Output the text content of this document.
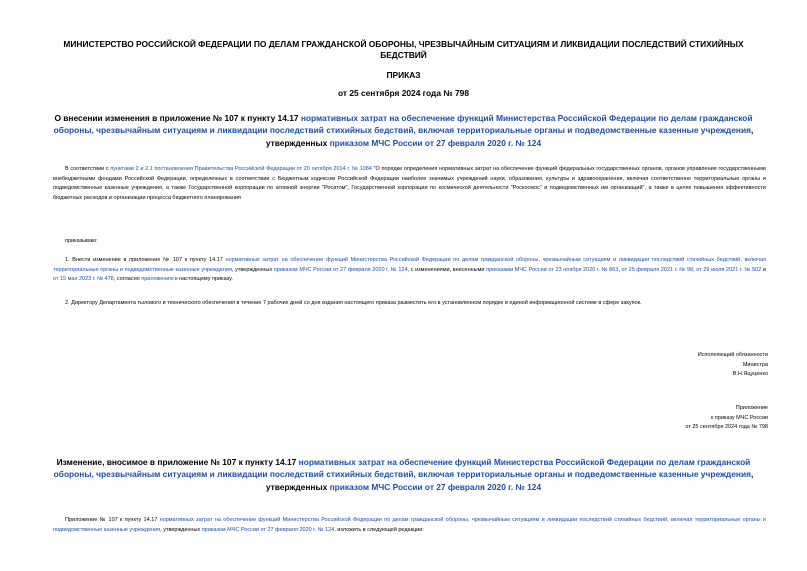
МИНИСТЕРСТВО РОССИЙСКОЙ ФЕДЕРАЦИИ ПО ДЕЛАМ ГРАЖДАНСКОЙ ОБОРОНЫ, ЧРЕЗВЫЧАЙНЫМ СИТУАЦИЯМ И ЛИКВИДАЦИИ ПОСЛЕДСТВИЙ СТИХИЙНЫХ БЕДСТВИЙ
ПРИКАЗ
от 25 сентября 2024 года № 798
О внесении изменения в приложение № 107 к пункту 14.17 нормативных затрат на обеспечение функций Министерства Российской Федерации по делам гражданской обороны, чрезвычайным ситуациям и ликвидации последствий стихийных бедствий, включая территориальные органы и подведомственные казенные учреждения, утвержденных приказом МЧС России от 27 февраля 2020 г. № 124
В соответствии с пунктами 2 и 2.1 постановления Правительства Российской Федерации от 20 октября 2014 г. № 1084 "О порядке определения нормативных затрат на обеспечение функций федеральных государственных органов, органов управления государственными внебюджетными фондами Российской Федерации, определенных в соответствии с Бюджетным кодексом Российской Федерации наиболее значимых учреждений науки, образования, культуры и здравоохранения, включая соответственно территориальные органы и подведомственные казенные учреждения, а также Государственной корпорации по атомной энергии "Росатом", Государственной корпорации по космической деятельности "Роскосмос" и подведомственных им организаций", а также в целях повышения эффективности бюджетных расходов и организации процесса бюджетного планирования
приказываю:
1. Внести изменение в приложение № 107 к пункту 14.17 нормативных затрат на обеспечение функций Министерства Российской Федерации по делам гражданской обороны, чрезвычайным ситуациям и ликвидации последствий стихийных бедствий, включая территориальные органы и подведомственные казенные учреждения, утвержденных приказом МЧС России от 27 февраля 2020 г. № 124, с изменениями, внесенными приказами МЧС России от 23 ноября 2020 г. № 863, от 25 февраля 2021 г. № 98, от 29 июля 2021 г. № 502 и от 15 мая 2023 г. № 478, согласно приложению к настоящему приказу.
2. Директору Департамента тылового и технического обеспечения в течение 7 рабочих дней со дня издания настоящего приказа разместить его в установленном порядке в единой информационной системе в сфере закупок.
Исполняющий обязанности
Министра
В.Н.Яцуценко
Приложение
к приказу МЧС России
от 25 сентября 2024 года № 798
Изменение, вносимое в приложение № 107 к пункту 14.17 нормативных затрат на обеспечение функций Министерства Российской Федерации по делам гражданской обороны, чрезвычайным ситуациям и ликвидации последствий стихийных бедствий, включая территориальные органы и подведомственные казенные учреждения, утвержденных приказом МЧС России от 27 февраля 2020 г. № 124
Приложение № 107 к пункту 14.17 нормативных затрат на обеспечение функций Министерства Российской Федерации по делам гражданской обороны, чрезвычайным ситуациям и ликвидации последствий стихийных бедствий, включая территориальные органы и подведомственные казенные учреждения, утвержденных приказом МЧС России от 27 февраля 2020 г. № 124, изложить в следующей редакции:
